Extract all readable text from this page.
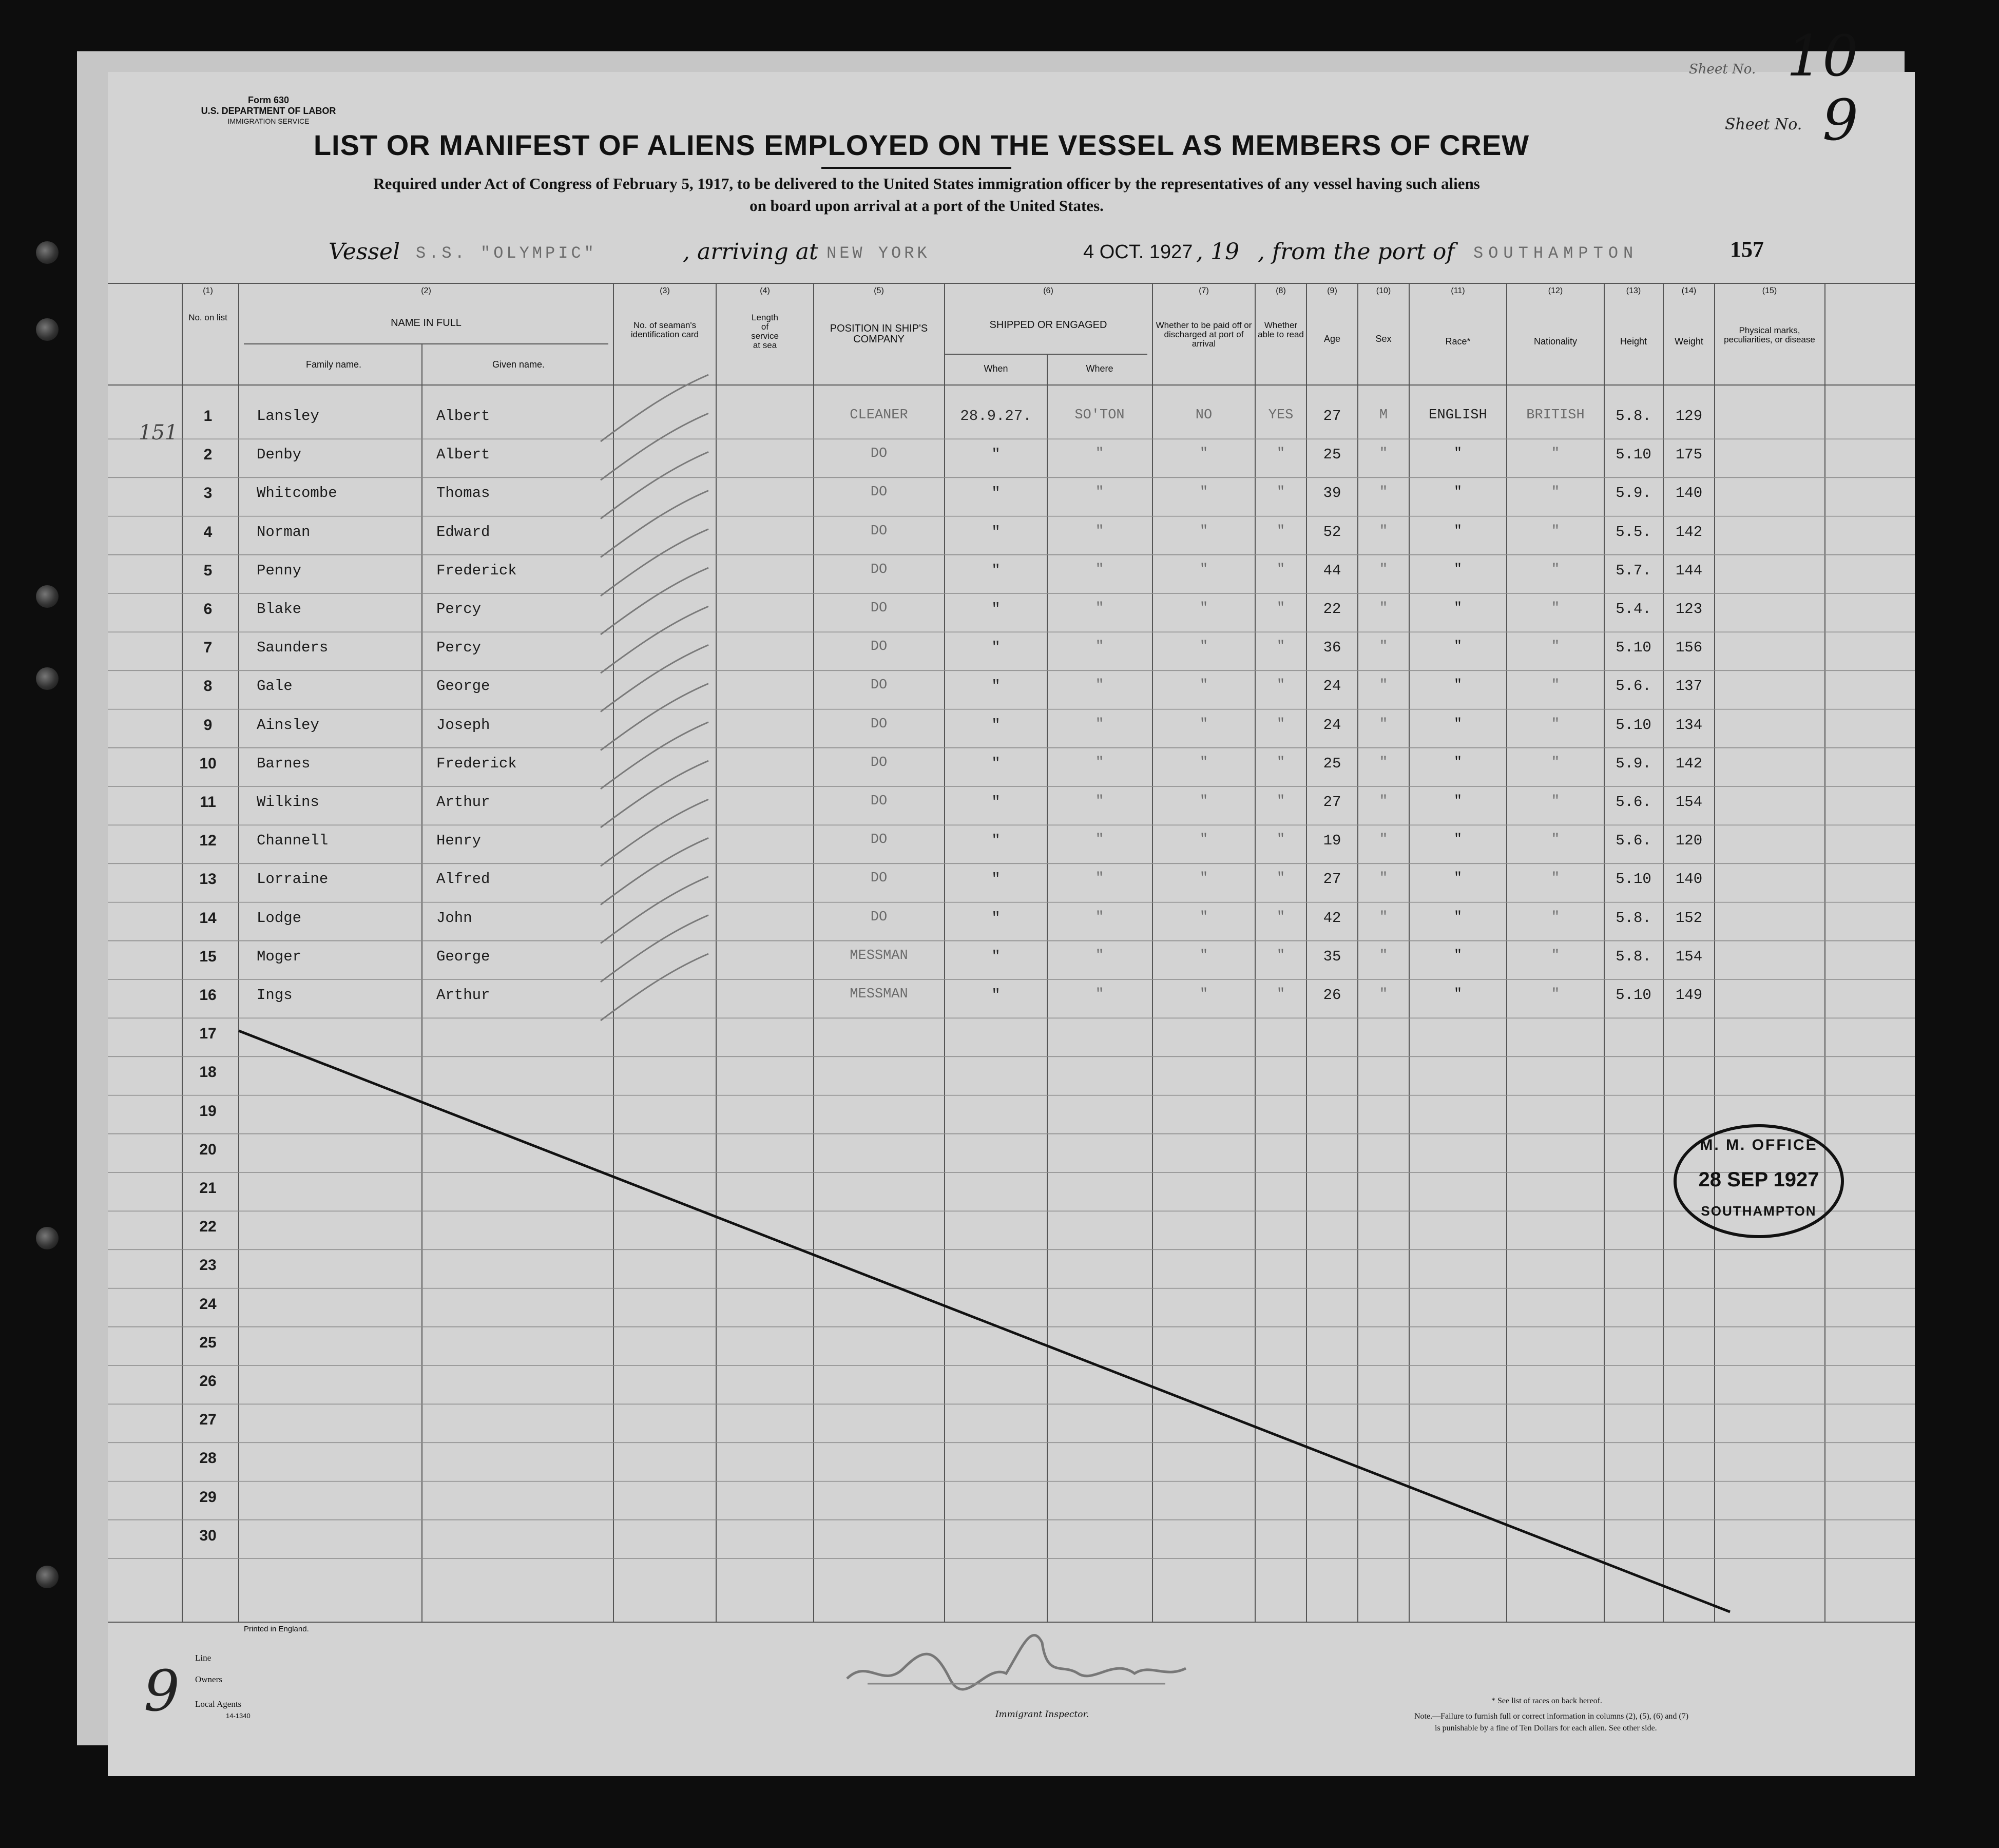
Sheet No. 10
Sheet No. 9
Form 630
U.S. DEPARTMENT OF LABOR
IMMIGRATION SERVICE
LIST OR MANIFEST OF ALIENS EMPLOYED ON THE VESSEL AS MEMBERS OF CREW
Required under Act of Congress of February 5, 1917, to be delivered to the United States immigration officer by the representatives of any vessel having such aliens
on board upon arrival at a port of the United States.
Vessel S.S. "OLYMPIC"	, arriving at NEW YORK	4 OCT. 1927 , 19 , from the port of SOUTHAMPTON	157
(1)
No. on list
(2)
NAME IN FULL
Family name.	Given name.
(3)
No. of seaman's identification card
(4)
Length of service at sea
(5)
POSITION IN SHIP'S COMPANY
(6)
SHIPPED OR ENGAGED
When	Where
(7)
Whether to be paid off or discharged at port of arrival
(8)
Whether able to read
(9)
Age
(10)
Sex
(11)
Race*
(12)
Nationality
(13)
Height
(14)
Weight
(15)
Physical marks, peculiarities, or disease
151
1	Lansley	Albert	CLEANER	28.9.27.	SO'TON	NO	YES 27	M	ENGLISH	BRITISH 5.8. 129
2	Denby	Albert	DO	"	"	"	"	25	"	"	"	5.10 175
3	Whitcombe	Thomas	DO	"	"	"	"	39	"	"	"	5.9. 140
4	Norman	Edward	DO	"	"	"	"	52	"	"	"	5.5. 142
5	Penny	Frederick	DO	"	"	"	"	44	"	"	"	5.7. 144
6	Blake	Percy	DO	"	"	"	"	22	"	"	"	5.4. 123
7	Saunders	Percy	DO	"	"	"	"	36	"	"	"	5.10 156
8	Gale	George	DO	"	"	"	"	24	"	"	"	5.6. 137
9	Ainsley	Joseph	DO	"	"	"	"	24	"	"	"	5.10 134
10	Barnes	Frederick	DO	"	"	"	"	25	"	"	"	5.9. 142
11	Wilkins	Arthur	DO	"	"	"	"	27	"	"	"	5.6. 154
12	Channell	Henry	DO	"	"	"	"	19	"	"	"	5.6. 120
13	Lorraine	Alfred	DO	"	"	"	"	27	"	"	"	5.10 140
14	Lodge	John	DO	"	"	"	"	42	"	"	"	5.8. 152
15	Moger	George	MESSMAN	"	"	"	"	35	"	"	"	5.8. 154
16	Ings	Arthur	MESSMAN	"	"	"	"	26	"	"	"	5.10 149
17
18
19
20
21
22
23
24
25
26
27
28
29
30
M. M. OFFICE
28 SEP 1927
SOUTHAMPTON
Printed in England.
Line
Owners
Local Agents
14-1340
9	Immigrant Inspector.
* See list of races on back hereof.
Note.—Failure to furnish full or correct information in columns (2), (5), (6) and (7)
is punishable by a fine of Ten Dollars for each alien. See other side.
